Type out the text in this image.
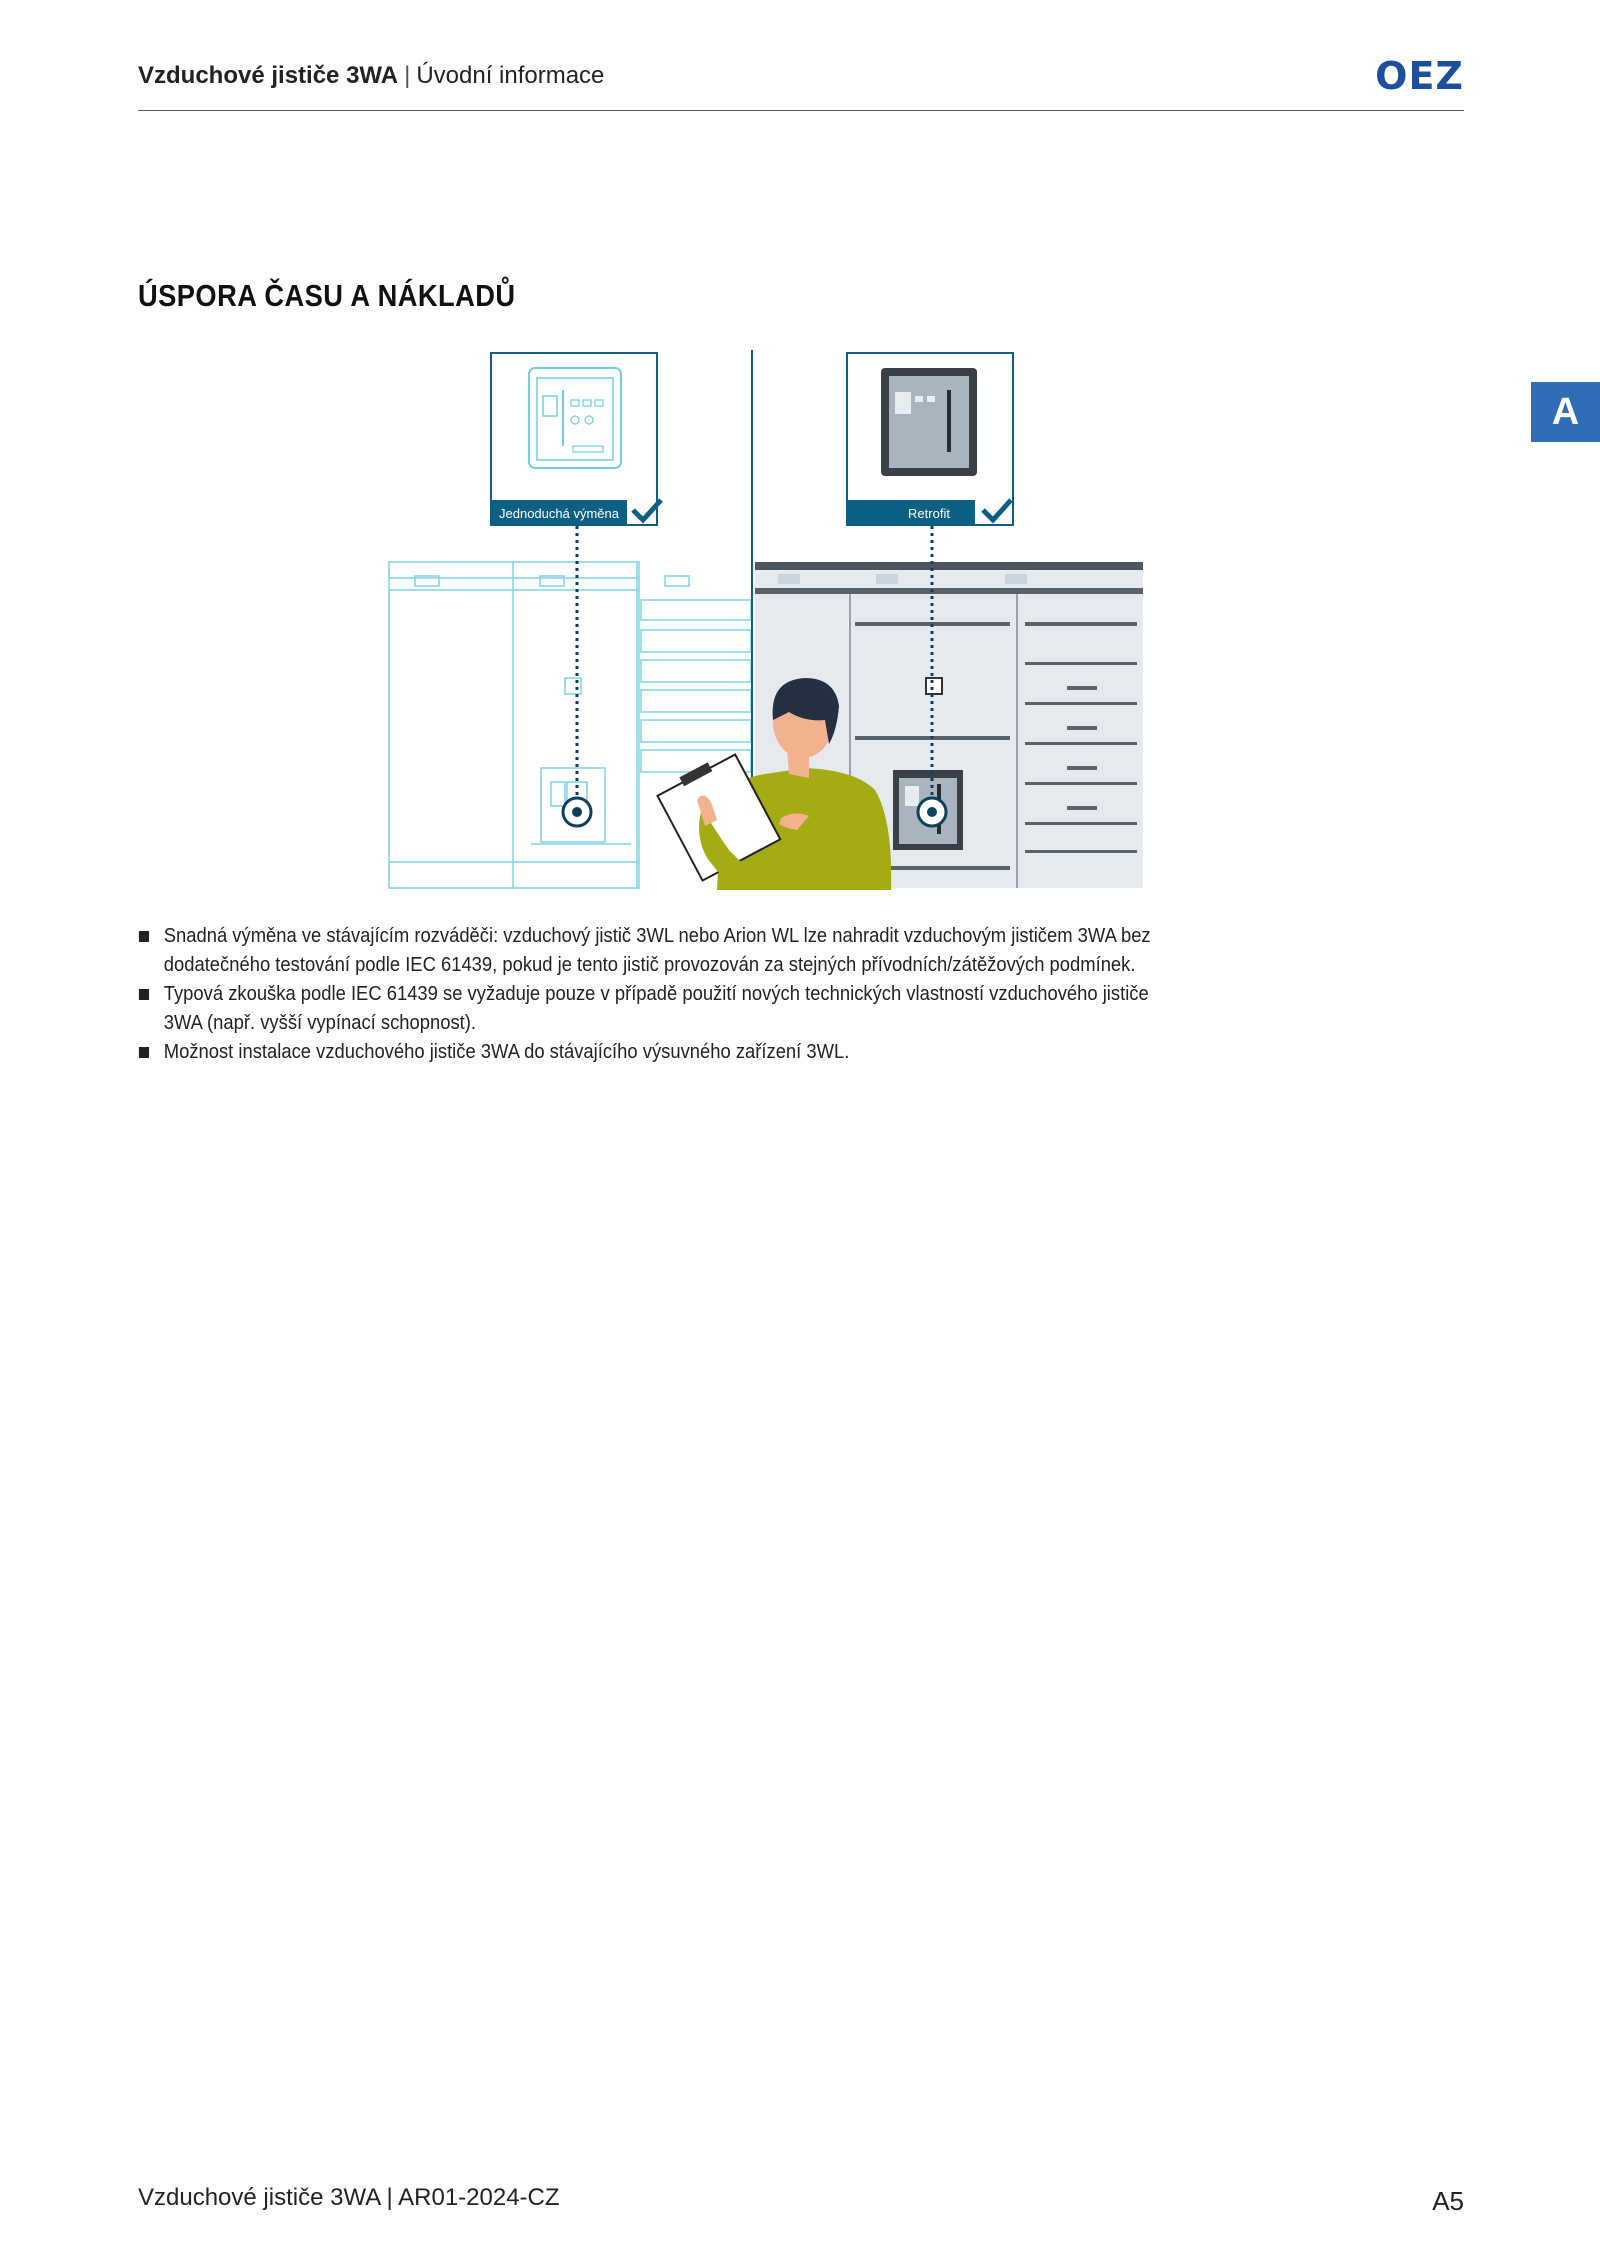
Vzduchové jističe 3WA | Úvodní informace	OEZ
A
ÚSPORA ČASU A NÁKLADŮ
Jednoduchá výměna	Retrofit
Snadná výměna ve stávajícím rozváděči: vzduchový jistič 3WL nebo Arion WL lze nahradit vzduchovým jističem 3WA bez dodatečného testování podle IEC 61439, pokud je tento jistič provozován za stejných přívodních/zátěžových podmínek.
Typová zkouška podle IEC 61439 se vyžaduje pouze v případě použití nových technických vlastností vzduchového jističe 3WA (např. vyšší vypínací schopnost).
Možnost instalace vzduchového jističe 3WA do stávajícího výsuvného zařízení 3WL.
Vzduchové jističe 3WA | AR01-2024-CZ	A5
